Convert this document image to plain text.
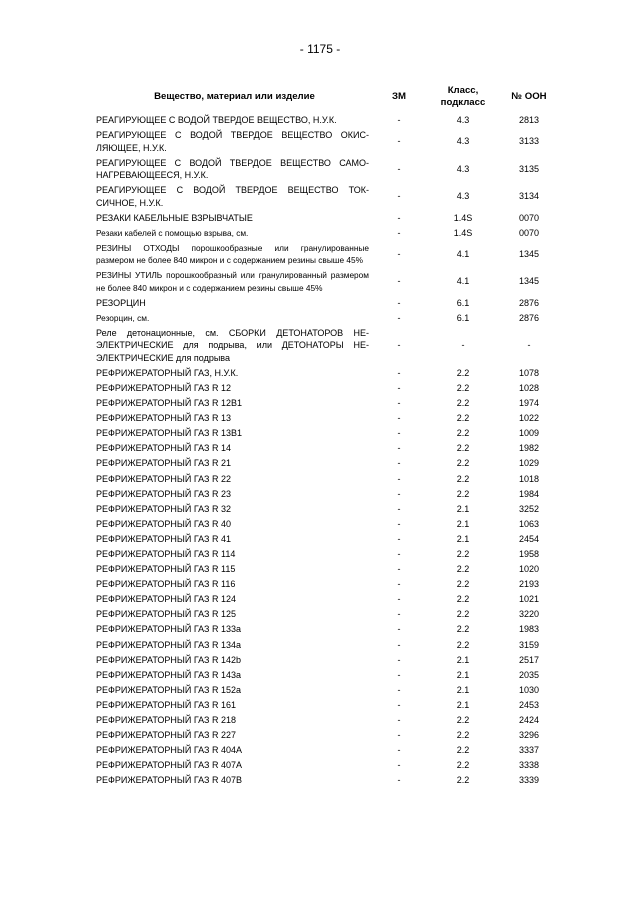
- 1175 -
Вещество, материал или изделие	ЗМ	Класс, подкласс	№ ООН
РЕАГИРУЮЩЕЕ С ВОДОЙ ТВЕРДОЕ ВЕЩЕСТВО, Н.У.К.	-	4.3	2813
РЕАГИРУЮЩЕЕ С ВОДОЙ ТВЕРДОЕ ВЕЩЕСТВО ОКИС-ЛЯЮЩЕЕ, Н.У.К.	-	4.3	3133
РЕАГИРУЮЩЕЕ С ВОДОЙ ТВЕРДОЕ ВЕЩЕСТВО САМО-НАГРЕВАЮЩЕЕСЯ, Н.У.К.	-	4.3	3135
РЕАГИРУЮЩЕЕ С ВОДОЙ ТВЕРДОЕ ВЕЩЕСТВО ТОК-СИЧНОЕ, Н.У.К.	-	4.3	3134
РЕЗАКИ КАБЕЛЬНЫЕ ВЗРЫВЧАТЫЕ	-	1.4S	0070
Резаки кабелей с помощью взрыва, см.	-	1.4S	0070
РЕЗИНЫ ОТХОДЫ порошкообразные или гранулированные размером не более 840 микрон и с содержанием резины свыше 45%	-	4.1	1345
РЕЗИНЫ УТИЛЬ порошкообразный или гранулированный размером не более 840 микрон и с содержанием резины свыше 45%	-	4.1	1345
РЕЗОРЦИН	-	6.1	2876
Резорцин, см.	-	6.1	2876
Реле детонационные, см. СБОРКИ ДЕТОНАТОРОВ НЕ-ЭЛЕКТРИЧЕСКИЕ для подрыва, или ДЕТОНАТОРЫ НЕ-ЭЛЕКТРИЧЕСКИЕ для подрыва	-	-	-
РЕФРИЖЕРАТОРНЫЙ ГАЗ, Н.У.К.	-	2.2	1078
РЕФРИЖЕРАТОРНЫЙ ГАЗ R 12	-	2.2	1028
РЕФРИЖЕРАТОРНЫЙ ГАЗ R 12B1	-	2.2	1974
РЕФРИЖЕРАТОРНЫЙ ГАЗ R 13	-	2.2	1022
РЕФРИЖЕРАТОРНЫЙ ГАЗ R 13B1	-	2.2	1009
РЕФРИЖЕРАТОРНЫЙ ГАЗ R 14	-	2.2	1982
РЕФРИЖЕРАТОРНЫЙ ГАЗ R 21	-	2.2	1029
РЕФРИЖЕРАТОРНЫЙ ГАЗ R 22	-	2.2	1018
РЕФРИЖЕРАТОРНЫЙ ГАЗ R 23	-	2.2	1984
РЕФРИЖЕРАТОРНЫЙ ГАЗ R 32	-	2.1	3252
РЕФРИЖЕРАТОРНЫЙ ГАЗ R 40	-	2.1	1063
РЕФРИЖЕРАТОРНЫЙ ГАЗ R 41	-	2.1	2454
РЕФРИЖЕРАТОРНЫЙ ГАЗ R 114	-	2.2	1958
РЕФРИЖЕРАТОРНЫЙ ГАЗ R 115	-	2.2	1020
РЕФРИЖЕРАТОРНЫЙ ГАЗ R 116	-	2.2	2193
РЕФРИЖЕРАТОРНЫЙ ГАЗ R 124	-	2.2	1021
РЕФРИЖЕРАТОРНЫЙ ГАЗ R 125	-	2.2	3220
РЕФРИЖЕРАТОРНЫЙ ГАЗ R 133a	-	2.2	1983
РЕФРИЖЕРАТОРНЫЙ ГАЗ R 134a	-	2.2	3159
РЕФРИЖЕРАТОРНЫЙ ГАЗ R 142b	-	2.1	2517
РЕФРИЖЕРАТОРНЫЙ ГАЗ R 143a	-	2.1	2035
РЕФРИЖЕРАТОРНЫЙ ГАЗ R 152a	-	2.1	1030
РЕФРИЖЕРАТОРНЫЙ ГАЗ R 161	-	2.1	2453
РЕФРИЖЕРАТОРНЫЙ ГАЗ R 218	-	2.2	2424
РЕФРИЖЕРАТОРНЫЙ ГАЗ R 227	-	2.2	3296
РЕФРИЖЕРАТОРНЫЙ ГАЗ R 404A	-	2.2	3337
РЕФРИЖЕРАТОРНЫЙ ГАЗ R 407A	-	2.2	3338
РЕФРИЖЕРАТОРНЫЙ ГАЗ R 407B	-	2.2	3339
